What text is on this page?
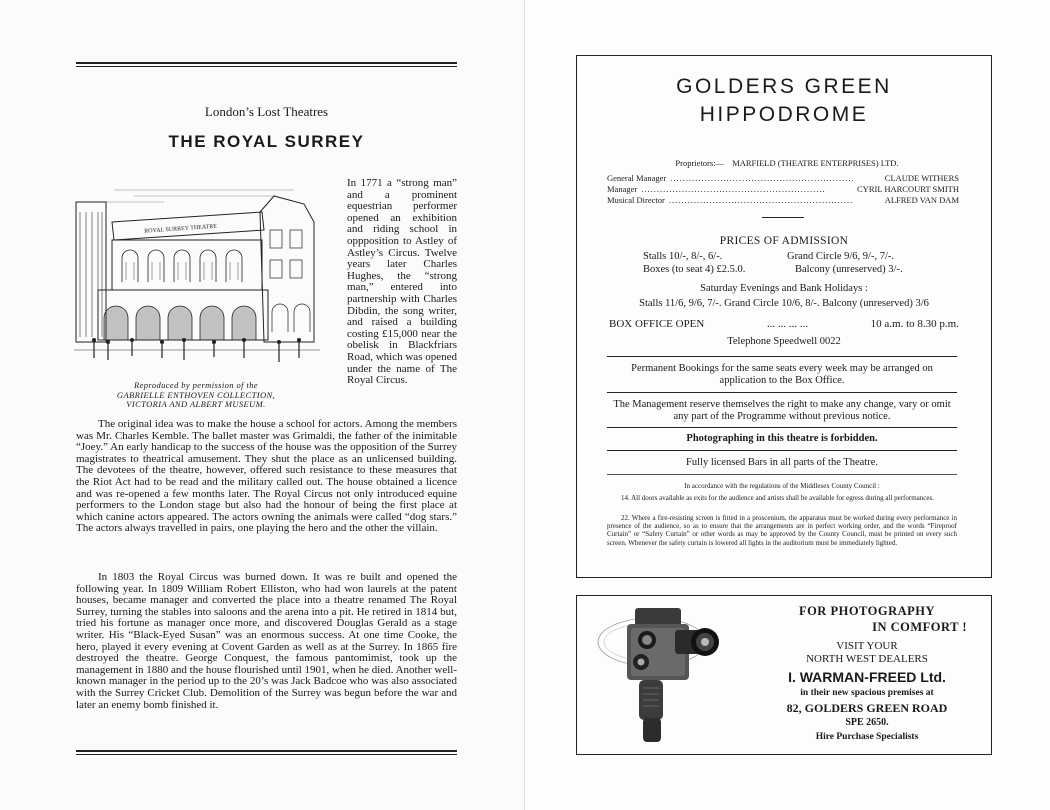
London’s Lost Theatres
THE ROYAL SURREY
ROYAL SURREY THEATRE
Reproduced by permission of the
GABRIELLE ENTHOVEN COLLECTION,
VICTORIA AND ALBERT MUSEUM.
In 1771 a “strong man” and a prominent equestrian performer opened an exhibition and riding school in oppposition to Astley of Astley’s Circus. Twelve years later Charles Hughes, the “strong man,” entered into partnership with Charles Dibdin, the song writer, and raised a building costing £15,000 near the obelisk in Blackfriars Road, which was opened under the name of The Royal Circus.

The original idea was to make the house a school for actors. Among the members was Mr. Charles Kemble. The ballet master was Grimaldi, the father of the inimitable “Joey.” An early handicap to the success of the house was the opposition of the Surrey magistrates to theatrical amusement. They shut the place as an unlicensed building. The devotees of the theatre, however, offered such resistance to these measures that the Riot Act had to be read and the military called out. The house obtained a licence and was re-opened a few months later. The Royal Circus not only introduced equine performers to the London stage but also had the honour of being the first place at which canine actors appeared. The actors owning the animals were called “dog stars.” The actors always travelled in pairs, one playing the hero and the other the villain.

In 1803 the Royal Circus was burned down. It was re built and opened the following year. In 1809 William Robert Elliston, who had won laurels at the patent houses, became manager and converted the place into a theatre renamed The Royal Surrey, turning the stables into saloons and the arena into a pit. He retired in 1814 but, tried his fortune as manager once more, and discovered Douglas Gerald as a stage writer. His “Black-Eyed Susan” was an enormous success. At one time Cooke, the hero, played it every evening at Covent Garden as well as at the Surrey. In 1865 fire destroyed the theatre. George Conquest, the famous pantomimist, took up the management in 1880 and the house flourished until 1901, when he died. Another well-known manager in the period up to the 20’s was Jack Badcoe who was also associated with the Surrey Cricket Club. Demolition of the Surrey was begun before the war and later an enemy bomb finished it.

GOLDERS GREEN
HIPPODROME
Proprietors:— MARFIELD (THEATRE ENTERPRISES) LTD.
General Manager ...........................................................	CLAUDE WITHERS
Manager ...........................................................	CYRIL HARCOURT SMITH
Musical Director ...........................................................	ALFRED VAN DAM
PRICES OF ADMISSION
Stalls 10/-, 8/-, 6/-.	Grand Circle 9/6, 9/-, 7/-.
Boxes (to seat 4) £2.5.0.	Balcony (unreserved) 3/-.
Saturday Evenings and Bank Holidays :
Stalls 11/6, 9/6, 7/-. Grand Circle 10/6, 8/-. Balcony (unreserved) 3/6
BOX OFFICE OPEN	... ... ... ...	10 a.m. to 8.30 p.m.
Telephone Speedwell 0022
Permanent Bookings for the same seats every week may be arranged on application to the Box Office.
The Management reserve themselves the right to make any change, vary or omit any part of the Programme without previous notice.
Photographing in this theatre is forbidden.
Fully licensed Bars in all parts of the Theatre.
In accordance with the regulations of the Middlesex County Council :
14. All doors available as exits for the audience and artists shall be available for egress during all performances.
22. Where a fire-resisting screen is fitted in a proscenium, the apparatus must be worked during every performance in presence of the audience, so as to ensure that the arrangements are in perfect working order, and the words “Fireproof Curtain” or “Safety Curtain” or other words as may be approved by the County Council, must be printed on every such screen. Whenever the safety curtain is lowered all lights in the auditorium must be immediately lighted.
FOR PHOTOGRAPHY
IN COMFORT !
VISIT YOUR
NORTH WEST DEALERS
I. WARMAN-FREED Ltd.
in their new spacious premises at
82, GOLDERS GREEN ROAD
SPE 2650.
Hire Purchase Specialists
